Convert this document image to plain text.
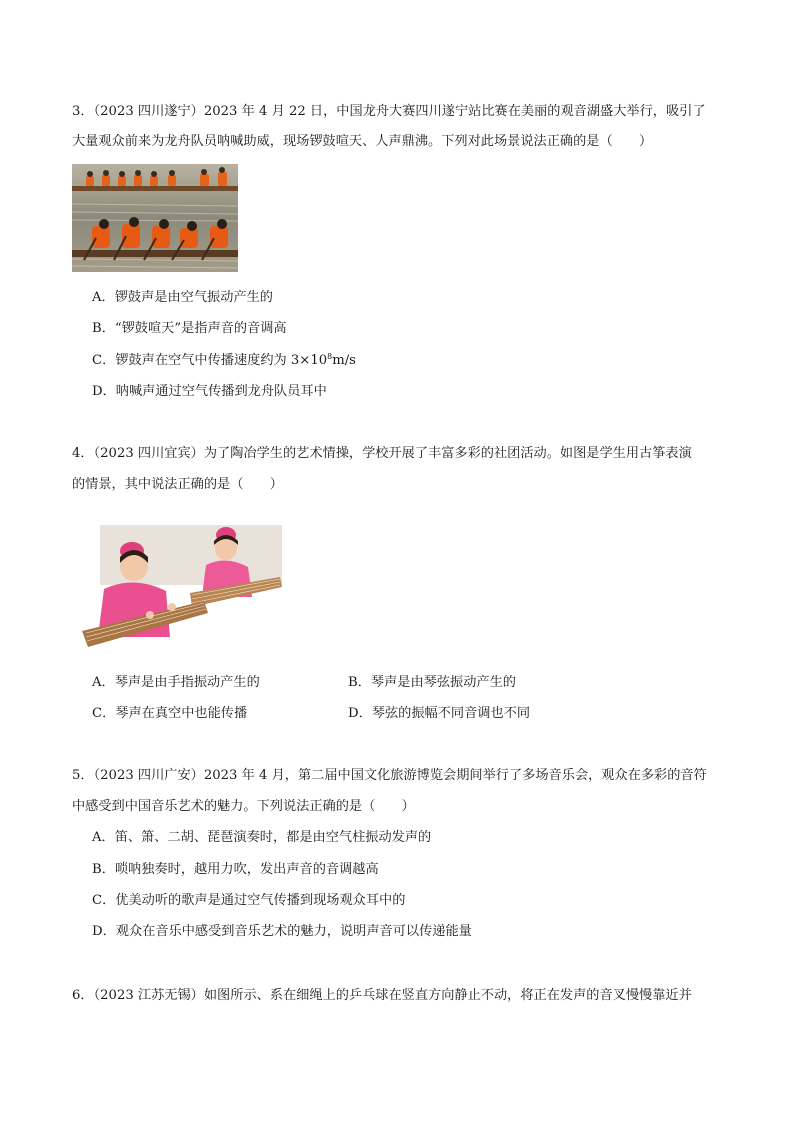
3．（2023 四川遂宁）2023 年 4 月 22 日，中国龙舟大赛四川遂宁站比赛在美丽的观音湖盛大举行，吸引了
大量观众前来为龙舟队员呐喊助威，现场锣鼓喧天、人声鼎沸。下列对此场景说法正确的是（　　）
A．锣鼓声是由空气振动产生的
B．“锣鼓喧天”是指声音的音调高
C．锣鼓声在空气中传播速度约为 $3\times 10^8m/s$
D．呐喊声通过空气传播到龙舟队员耳中
4．（2023 四川宜宾）为了陶冶学生的艺术情操，学校开展了丰富多彩的社团活动。如图是学生用古筝表演
的情景，其中说法正确的是（　　）
A．琴声是由手指振动产生的	B．琴声是由琴弦振动产生的
C．琴声在真空中也能传播	D．琴弦的振幅不同音调也不同
5．（2023 四川广安）2023 年 4 月，第二届中国文化旅游博览会期间举行了多场音乐会，观众在多彩的音符
中感受到中国音乐艺术的魅力。下列说法正确的是（　　）
A．笛、箫、二胡、琵琶演奏时，都是由空气柱振动发声的
B．唢呐独奏时，越用力吹，发出声音的音调越高
C．优美动听的歌声是通过空气传播到现场观众耳中的
D．观众在音乐中感受到音乐艺术的魅力，说明声音可以传递能量
6．（2023 江苏无锡）如图所示、系在细绳上的乒乓球在竖直方向静止不动，将正在发声的音叉慢慢靠近并
